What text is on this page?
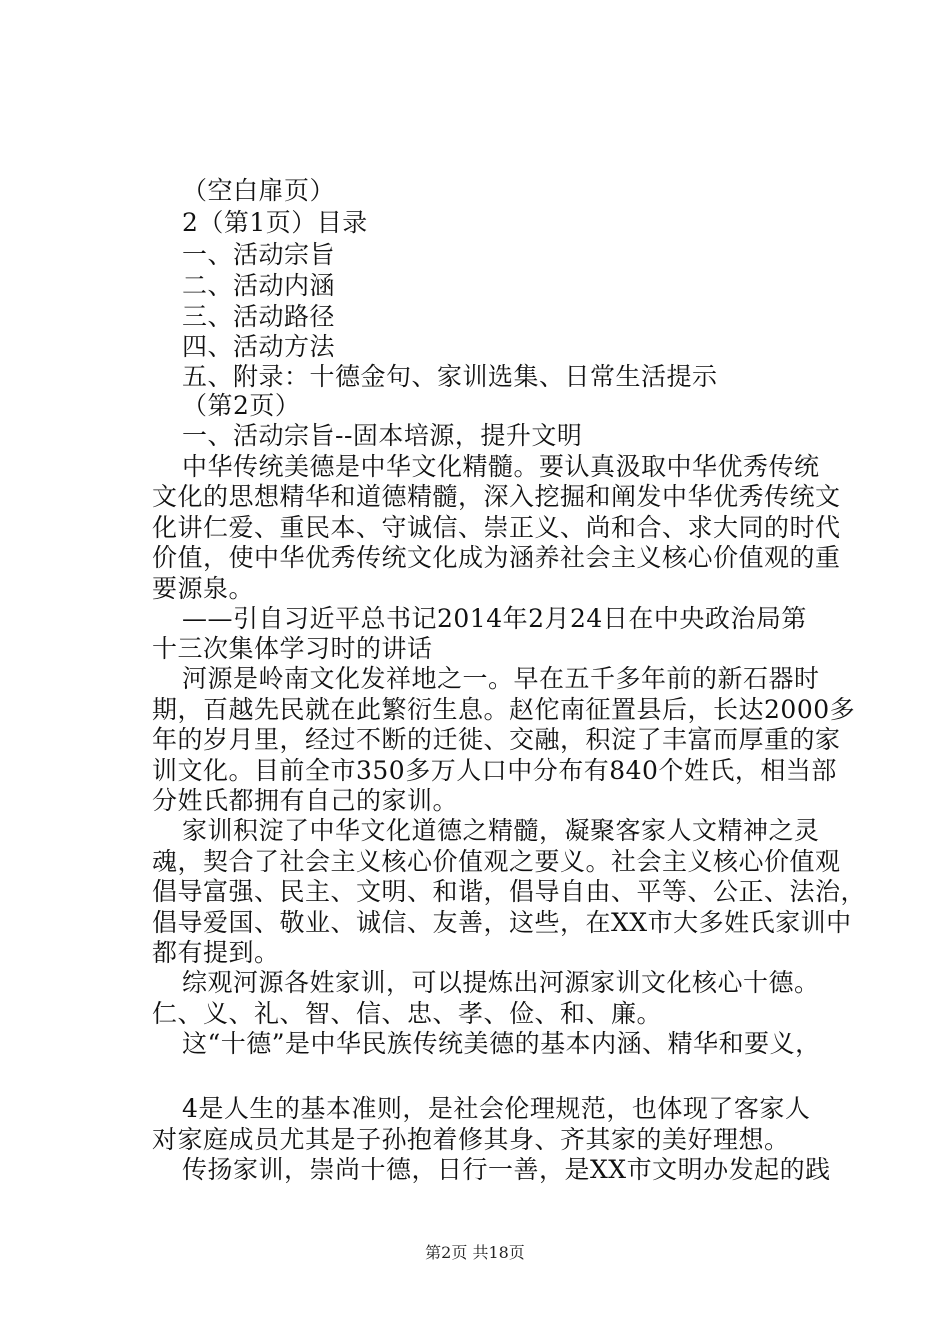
（空白扉页）
2（第1页）目录
一、活动宗旨
二、活动内涵
三、活动路径
四、活动方法
五、附录：十德金句、家训选集、日常生活提示
（第2页）
一、活动宗旨--固本培源，提升文明
中华传统美德是中华文化精髓。要认真汲取中华优秀传统
文化的思想精华和道德精髓，深入挖掘和阐发中华优秀传统文
化讲仁爱、重民本、守诚信、崇正义、尚和合、求大同的时代
价值，使中华优秀传统文化成为涵养社会主义核心价值观的重
要源泉。
——引自习近平总书记2014年2月24日在中央政治局第
十三次集体学习时的讲话
河源是岭南文化发祥地之一。早在五千多年前的新石器时
期，百越先民就在此繁衍生息。赵佗南征置县后，长达2000多
年的岁月里，经过不断的迁徙、交融，积淀了丰富而厚重的家
训文化。目前全市350多万人口中分布有840个姓氏，相当部
分姓氏都拥有自己的家训。
家训积淀了中华文化道德之精髓，凝聚客家人文精神之灵
魂，契合了社会主义核心价值观之要义。社会主义核心价值观
倡导富强、民主、文明、和谐，倡导自由、平等、公正、法治，
倡导爱国、敬业、诚信、友善，这些，在XX市大多姓氏家训中
都有提到。
综观河源各姓家训，可以提炼出河源家训文化核心十德。
仁、义、礼、智、信、忠、孝、俭、和、廉。
这“十德”是中华民族传统美德的基本内涵、精华和要义，
4是人生的基本准则，是社会伦理规范，也体现了客家人
对家庭成员尤其是子孙抱着修其身、齐其家的美好理想。
传扬家训，崇尚十德，日行一善，是XX市文明办发起的践
第2页 共18页
